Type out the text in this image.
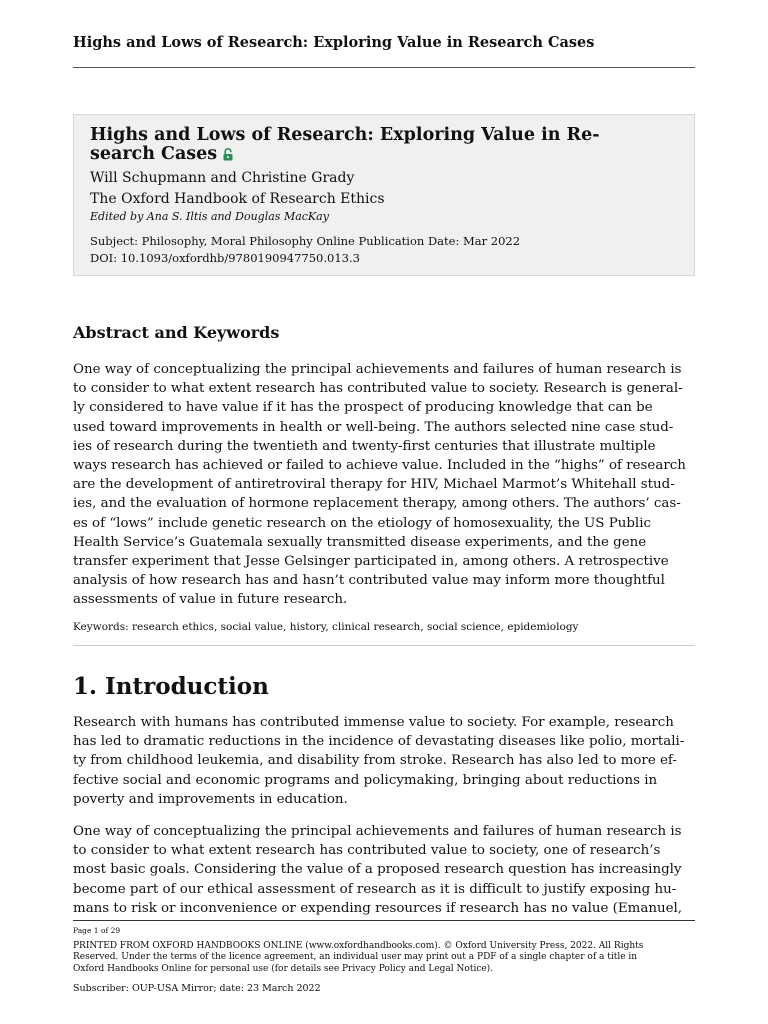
Highs and Lows of Research: Exploring Value in Research Cases
Highs and Lows of Research: Exploring Value in Re-
search Cases
Will Schupmann and Christine Grady
The Oxford Handbook of Research Ethics
Edited by Ana S. Iltis and Douglas MacKay
Subject: Philosophy, Moral Philosophy Online Publication Date: Mar 2022
DOI: 10.1093/oxfordhb/9780190947750.013.3
Abstract and Keywords
One way of conceptualizing the principal achievements and failures of human research is
to consider to what extent research has contributed value to society. Research is general-
ly considered to have value if it has the prospect of producing knowledge that can be
used toward improvements in health or well-being. The authors selected nine case stud-
ies of research during the twentieth and twenty-first centuries that illustrate multiple
ways research has achieved or failed to achieve value. Included in the “highs” of research
are the development of antiretroviral therapy for HIV, Michael Marmot’s Whitehall stud-
ies, and the evaluation of hormone replacement therapy, among others. The authors’ cas-
es of “lows” include genetic research on the etiology of homosexuality, the US Public
Health Service’s Guatemala sexually transmitted disease experiments, and the gene
transfer experiment that Jesse Gelsinger participated in, among others. A retrospective
analysis of how research has and hasn’t contributed value may inform more thoughtful
assessments of value in future research.
Keywords: research ethics, social value, history, clinical research, social science, epidemiology
1. Introduction
Research with humans has contributed immense value to society. For example, research
has led to dramatic reductions in the incidence of devastating diseases like polio, mortali-
ty from childhood leukemia, and disability from stroke. Research has also led to more ef-
fective social and economic programs and policymaking, bringing about reductions in
poverty and improvements in education.
One way of conceptualizing the principal achievements and failures of human research is
to consider to what extent research has contributed value to society, one of research’s
most basic goals. Considering the value of a proposed research question has increasingly
become part of our ethical assessment of research as it is difficult to justify exposing hu-
mans to risk or inconvenience or expending resources if research has no value (Emanuel,
Page 1 of 29
PRINTED FROM OXFORD HANDBOOKS ONLINE (www.oxfordhandbooks.com). © Oxford University Press, 2022. All Rights
Reserved. Under the terms of the licence agreement, an individual user may print out a PDF of a single chapter of a title in
Oxford Handbooks Online for personal use (for details see Privacy Policy and Legal Notice).
Subscriber: OUP-USA Mirror; date: 23 March 2022
